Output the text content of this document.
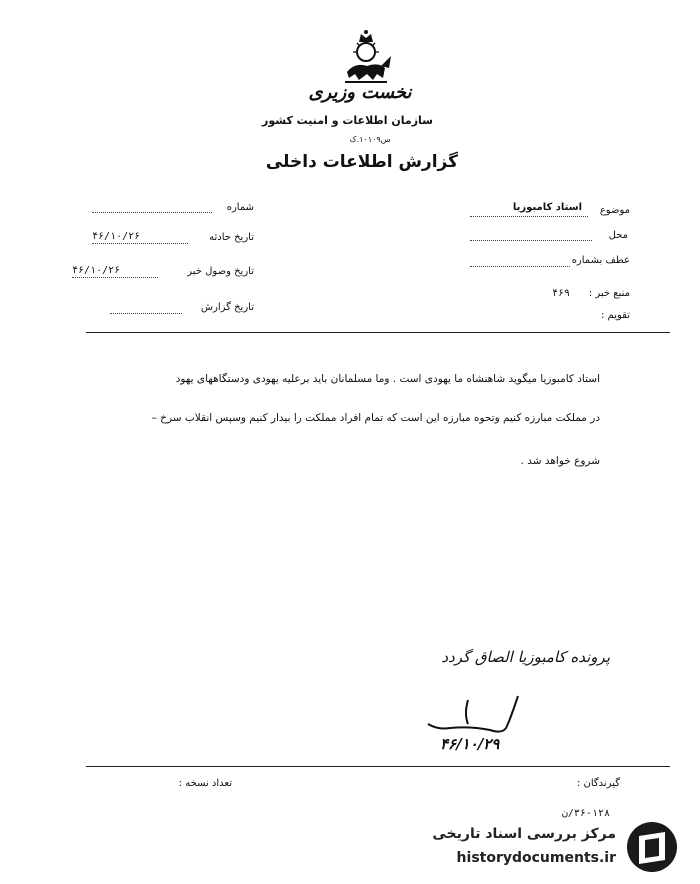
نخست وزیری
سازمان اطلاعات و امنیت کشور
س۱۰۱۰۹.ک
گزارش اطلاعات داخلی
موضوع
استاد کامبوزیا
محل
عطف بشماره
منبع خبر :
۴۶۹
تقویم :
شماره
تاریخ حادثه
۴۶/۱۰/۲۶
تاریخ وصول خبر
۴۶/۱۰/۲۶
تاریخ گزارش
استاد کامبوزیا میگوید شاهنشاه ما یهودی است . وما مسلمانان باید برعلیه یهودی ودستگاههای یهود
در مملکت مبارزه کنیم وتحوه مبارزه این است که تمام افراد مملکت را بیدار کنیم وسپس انقلاب سرخ –
شروع خواهد شد .
پرونده کامبوزیا الصاق گردد
۴۶/۱۰/۲۹
گیرندگان :
تعداد نسخه :
۳۶-۱۲۸/ن
مرکز بررسی اسناد تاریخی
historydocuments.ir
